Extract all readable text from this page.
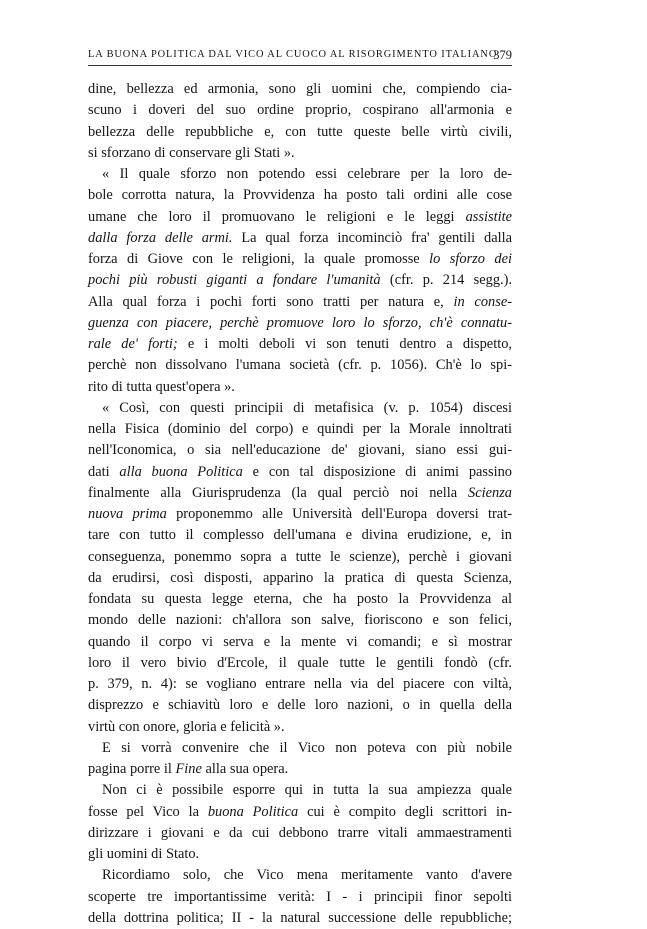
LA BUONA POLITICA DAL VICO AL CUOCO AL RISORGIMENTO ITALIANO
379
dine, bellezza ed armonia, sono gli uomini che, compiendo cia-
scuno i doveri del suo ordine proprio, cospirano all'armonia e
bellezza delle repubbliche e, con tutte queste belle virtù civili,
si sforzano di conservare gli Stati ».
« Il quale sforzo non potendo essi celebrare per la loro de-
bole corrotta natura, la Provvidenza ha posto tali ordini alle cose
umane che loro il promuovano le religioni e le leggi assistite
dalla forza delle armi. La qual forza incominciò fra' gentili dalla
forza di Giove con le religioni, la quale promosse lo sforzo dei
pochi più robusti giganti a fondare l'umanità (cfr. p. 214 segg.).
Alla qual forza i pochi forti sono tratti per natura e, in conse-
guenza con piacere, perchè promuove loro lo sforzo, ch'è connatu-
rale de' forti; e i molti deboli vi son tenuti dentro a dispetto,
perchè non dissolvano l'umana società (cfr. p. 1056). Ch'è lo spi-
rito di tutta quest'opera ».
« Così, con questi principii di metafisica (v. p. 1054) discesi
nella Fisica (dominio del corpo) e quindi per la Morale innoltrati
nell'Iconomica, o sia nell'educazione de' giovani, siano essi gui-
dati alla buona Politica e con tal disposizione di animi passino
finalmente alla Giurisprudenza (la qual perciò noi nella Scienza
nuova prima proponemmo alle Università dell'Europa doversi trat-
tare con tutto il complesso dell'umana e divina erudizione, e, in
conseguenza, ponemmo sopra a tutte le scienze), perchè i giovani
da erudirsi, così disposti, apparino la pratica di questa Scienza,
fondata su questa legge eterna, che ha posto la Provvidenza al
mondo delle nazioni: ch'allora son salve, fioriscono e son felici,
quando il corpo vi serva e la mente vi comandi; e sì mostrar
loro il vero bivio d'Ercole, il quale tutte le gentili fondò (cfr.
p. 379, n. 4): se vogliano entrare nella via del piacere con viltà,
disprezzo e schiavitù loro e delle loro nazioni, o in quella della
virtù con onore, gloria e felicità ».
E si vorrà convenire che il Vico non poteva con più nobile
pagina porre il Fine alla sua opera.
Non ci è possibile esporre qui in tutta la sua ampiezza quale
fosse pel Vico la buona Politica cui è compito degli scrittori in-
dirizzare i giovani e da cui debbono trarre vitali ammaestramenti
gli uomini di Stato.
Ricordiamo solo, che Vico mena meritamente vanto d'avere
scoperte tre importantissime verità: I - i principii finor sepolti
della dottrina politica; II - la natural successione delle repubbliche;
